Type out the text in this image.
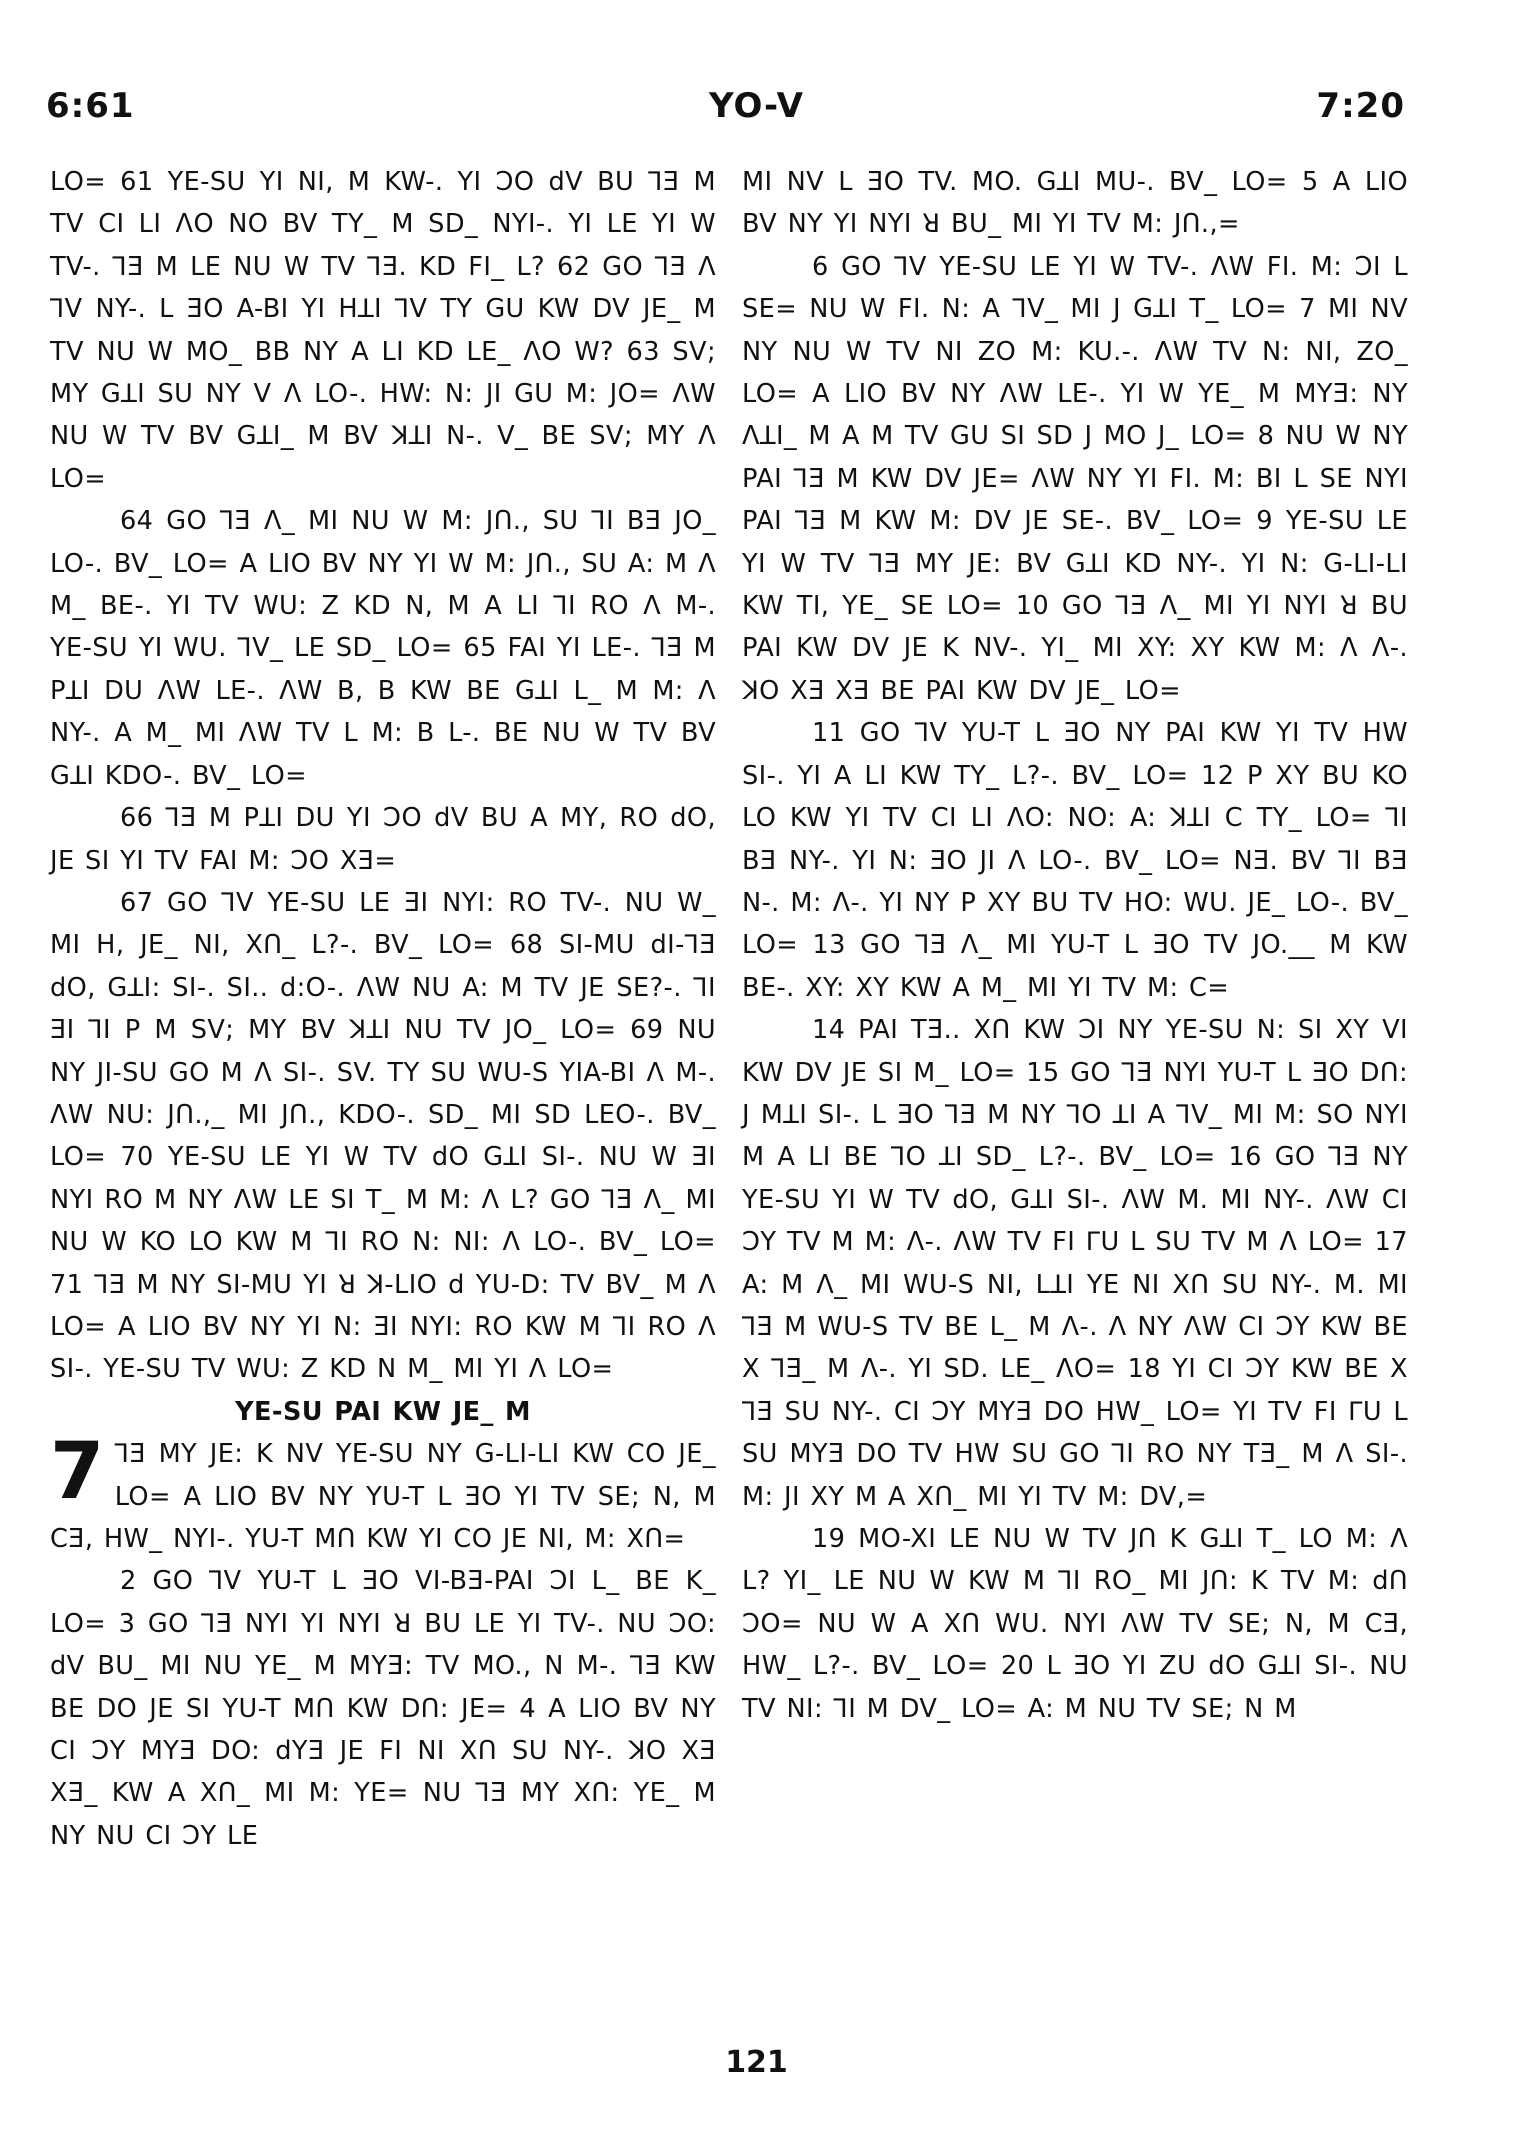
6:61	YO-V	7:20

LO= 61 YE-SU YI NI, M KW-. YI ƆO dV BU ⅂Ǝ M TV CI LI ɅO NO BV TY_ M SD_ NYI-. YI LE YI W TV-. ⅂Ǝ M LE NU W TV ⅂Ǝ. KD FI_ L? 62 GO ⅂Ǝ Ʌ ⅂V NY-. L ƎO A-BI YI HꓕI ⅂V TY GU KW DV JE_ M TV NU W MO_ BB NY A LI KD LE_ ɅO W? 63 SV; MY GꓕI SU NY V Ʌ LO-. HW: N: JI GU M: JO= ɅW NU W TV BV GꓕI_ M BV ꓘꓕI N-. V_ BE SV; MY Ʌ LO=

64 GO ⅂Ǝ Ʌ_ MI NU W M: JՈ., SU ⅂I BƎ JO_ LO-. BV_ LO= A LIO BV NY YI W M: JՈ., SU A: M Ʌ M_ BE-. YI TV WU: Z KD N, M A LI ⅂I RO Ʌ M-. YE-SU YI WU. ⅂V_ LE SD_ LO= 65 FAI YI LE-. ⅂Ǝ M PꓕI DU ɅW LE-. ɅW B, B KW BE GꓕI L_ M M: Ʌ NY-. A M_ MI ɅW TV L M: B L-. BE NU W TV BV GꓕI KDO-. BV_ LO=

66 ⅂Ǝ M PꓕI DU YI ƆO dV BU A MY, RO dO, JE SI YI TV FAI M: ƆO XƎ=

67 GO ⅂V YE-SU LE ƎI NYI: RO TV-. NU W_ MI H, JE_ NI, XՈ_ L?-. BV_ LO= 68 SI-MU dI-⅂Ǝ dO, GꓕI: SI-. SI.. d:O-. ɅW NU A: M TV JE SE?-. ⅂I ƎI ⅂I P M SV; MY BV ꓘꓕI NU TV JO_ LO= 69 NU NY JI-SU GO M Ʌ SI-. SV. TY SU WU-S YIA-BI Ʌ M-. ɅW NU: JՈ.,_ MI JՈ., KDO-. SD_ MI SD LEO-. BV_ LO= 70 YE-SU LE YI W TV dO GꓕI SI-. NU W ƎI NYI RO M NY ɅW LE SI T_ M M: Ʌ L? GO ⅂Ǝ Ʌ_ MI NU W KO LO KW M ⅂I RO N: NI: Ʌ LO-. BV_ LO= 71 ⅂Ǝ M NY SI-MU YI ꓤ ꓘ-LIO d YU-D: TV BV_ M Ʌ LO= A LIO BV NY YI N: ƎI NYI: RO KW M ⅂I RO Ʌ SI-. YE-SU TV WU: Z KD N M_ MI YI Ʌ LO=

YE-SU PAI KW JE_ M

7 ⅂Ǝ MY JE: K NV YE-SU NY G-LI-LI KW CO JE_ LO= A LIO BV NY YU-T L ƎO YI TV SE; N, M CƎ, HW_ NYI-. YU-T MՈ KW YI CO JE NI, M: XՈ=

2 GO ⅂V YU-T L ƎO VI-BƎ-PAI ƆI L_ BE K_ LO= 3 GO ⅂Ǝ NYI YI NYI ꓤ BU LE YI TV-. NU ƆO: dV BU_ MI NU YE_ M MYƎ: TV MO., N M-. ⅂Ǝ KW BE DO JE SI YU-T MՈ KW DՈ: JE= 4 A LIO BV NY CI ƆY MYƎ DO: dYƎ JE FI NI XՈ SU NY-. ꓘO XƎ XƎ_ KW A XՈ_ MI M: YE= NU ⅂Ǝ MY XՈ: YE_ M NY NU CI ƆY LE

MI NV L ƎO TV. MO. GꓕI MU-. BV_ LO= 5 A LIO BV NY YI NYI ꓤ BU_ MI YI TV M: JՈ.,=

6 GO ⅂V YE-SU LE YI W TV-. ɅW FI. M: ƆI L SE= NU W FI. N: A ⅂V_ MI J GꓕI T_ LO= 7 MI NV NY NU W TV NI ZO M: KU.-. ɅW TV N: NI, ZO_ LO= A LIO BV NY ɅW LE-. YI W YE_ M MYƎ: NY ɅꓕI_ M A M TV GU SI SD J MO J_ LO= 8 NU W NY PAI ⅂Ǝ M KW DV JE= ɅW NY YI FI. M: BI L SE NYI PAI ⅂Ǝ M KW M: DV JE SE-. BV_ LO= 9 YE-SU LE YI W TV ⅂Ǝ MY JE: BV GꓕI KD NY-. YI N: G-LI-LI KW TI, YE_ SE LO= 10 GO ⅂Ǝ Ʌ_ MI YI NYI ꓤ BU PAI KW DV JE K NV-. YI_ MI XY: XY KW M: Ʌ Ʌ-. ꓘO XƎ XƎ BE PAI KW DV JE_ LO=

11 GO ⅂V YU-T L ƎO NY PAI KW YI TV HW SI-. YI A LI KW TY_ L?-. BV_ LO= 12 P XY BU KO LO KW YI TV CI LI ɅO: NO: A: ꓘꓕI C TY_ LO= ⅂I BƎ NY-. YI N: ƎO JI Ʌ LO-. BV_ LO= NƎ. BV ⅂I BƎ N-. M: Ʌ-. YI NY P XY BU TV HO: WU. JE_ LO-. BV_ LO= 13 GO ⅂Ǝ Ʌ_ MI YU-T L ƎO TV JO.__ M KW BE-. XY: XY KW A M_ MI YI TV M: C=

14 PAI TƎ.. XՈ KW ƆI NY YE-SU N: SI XY VI KW DV JE SI M_ LO= 15 GO ⅂Ǝ NYI YU-T L ƎO DՈ: J MꓕI SI-. L ƎO ⅂Ǝ M NY ⅂O ꓕI A ⅂V_ MI M: SO NYI M A LI BE ⅂O ꓕI SD_ L?-. BV_ LO= 16 GO ⅂Ǝ NY YE-SU YI W TV dO, GꓕI SI-. ɅW M. MI NY-. ɅW CI ƆY TV M M: Ʌ-. ɅW TV FI ᒥU L SU TV M Ʌ LO= 17 A: M Ʌ_ MI WU-S NI, LꓕI YE NI XՈ SU NY-. M. MI ⅂Ǝ M WU-S TV BE L_ M Ʌ-. Ʌ NY ɅW CI ƆY KW BE X ⅂Ǝ_ M Ʌ-. YI SD. LE_ ɅO= 18 YI CI ƆY KW BE X ⅂Ǝ SU NY-. CI ƆY MYƎ DO HW_ LO= YI TV FI ᒥU L SU MYƎ DO TV HW SU GO ⅂I RO NY TƎ_ M Ʌ SI-. M: JI XY M A XՈ_ MI YI TV M: DV,=

19 MO-XI LE NU W TV JՈ K GꓕI T_ LO M: Ʌ L? YI_ LE NU W KW M ⅂I RO_ MI JՈ: K TV M: dՈ ƆO= NU W A XՈ WU. NYI ɅW TV SE; N, M CƎ, HW_ L?-. BV_ LO= 20 L ƎO YI ZU dO GꓕI SI-. NU TV NI: ⅂I M DV_ LO= A: M NU TV SE; N M

121
